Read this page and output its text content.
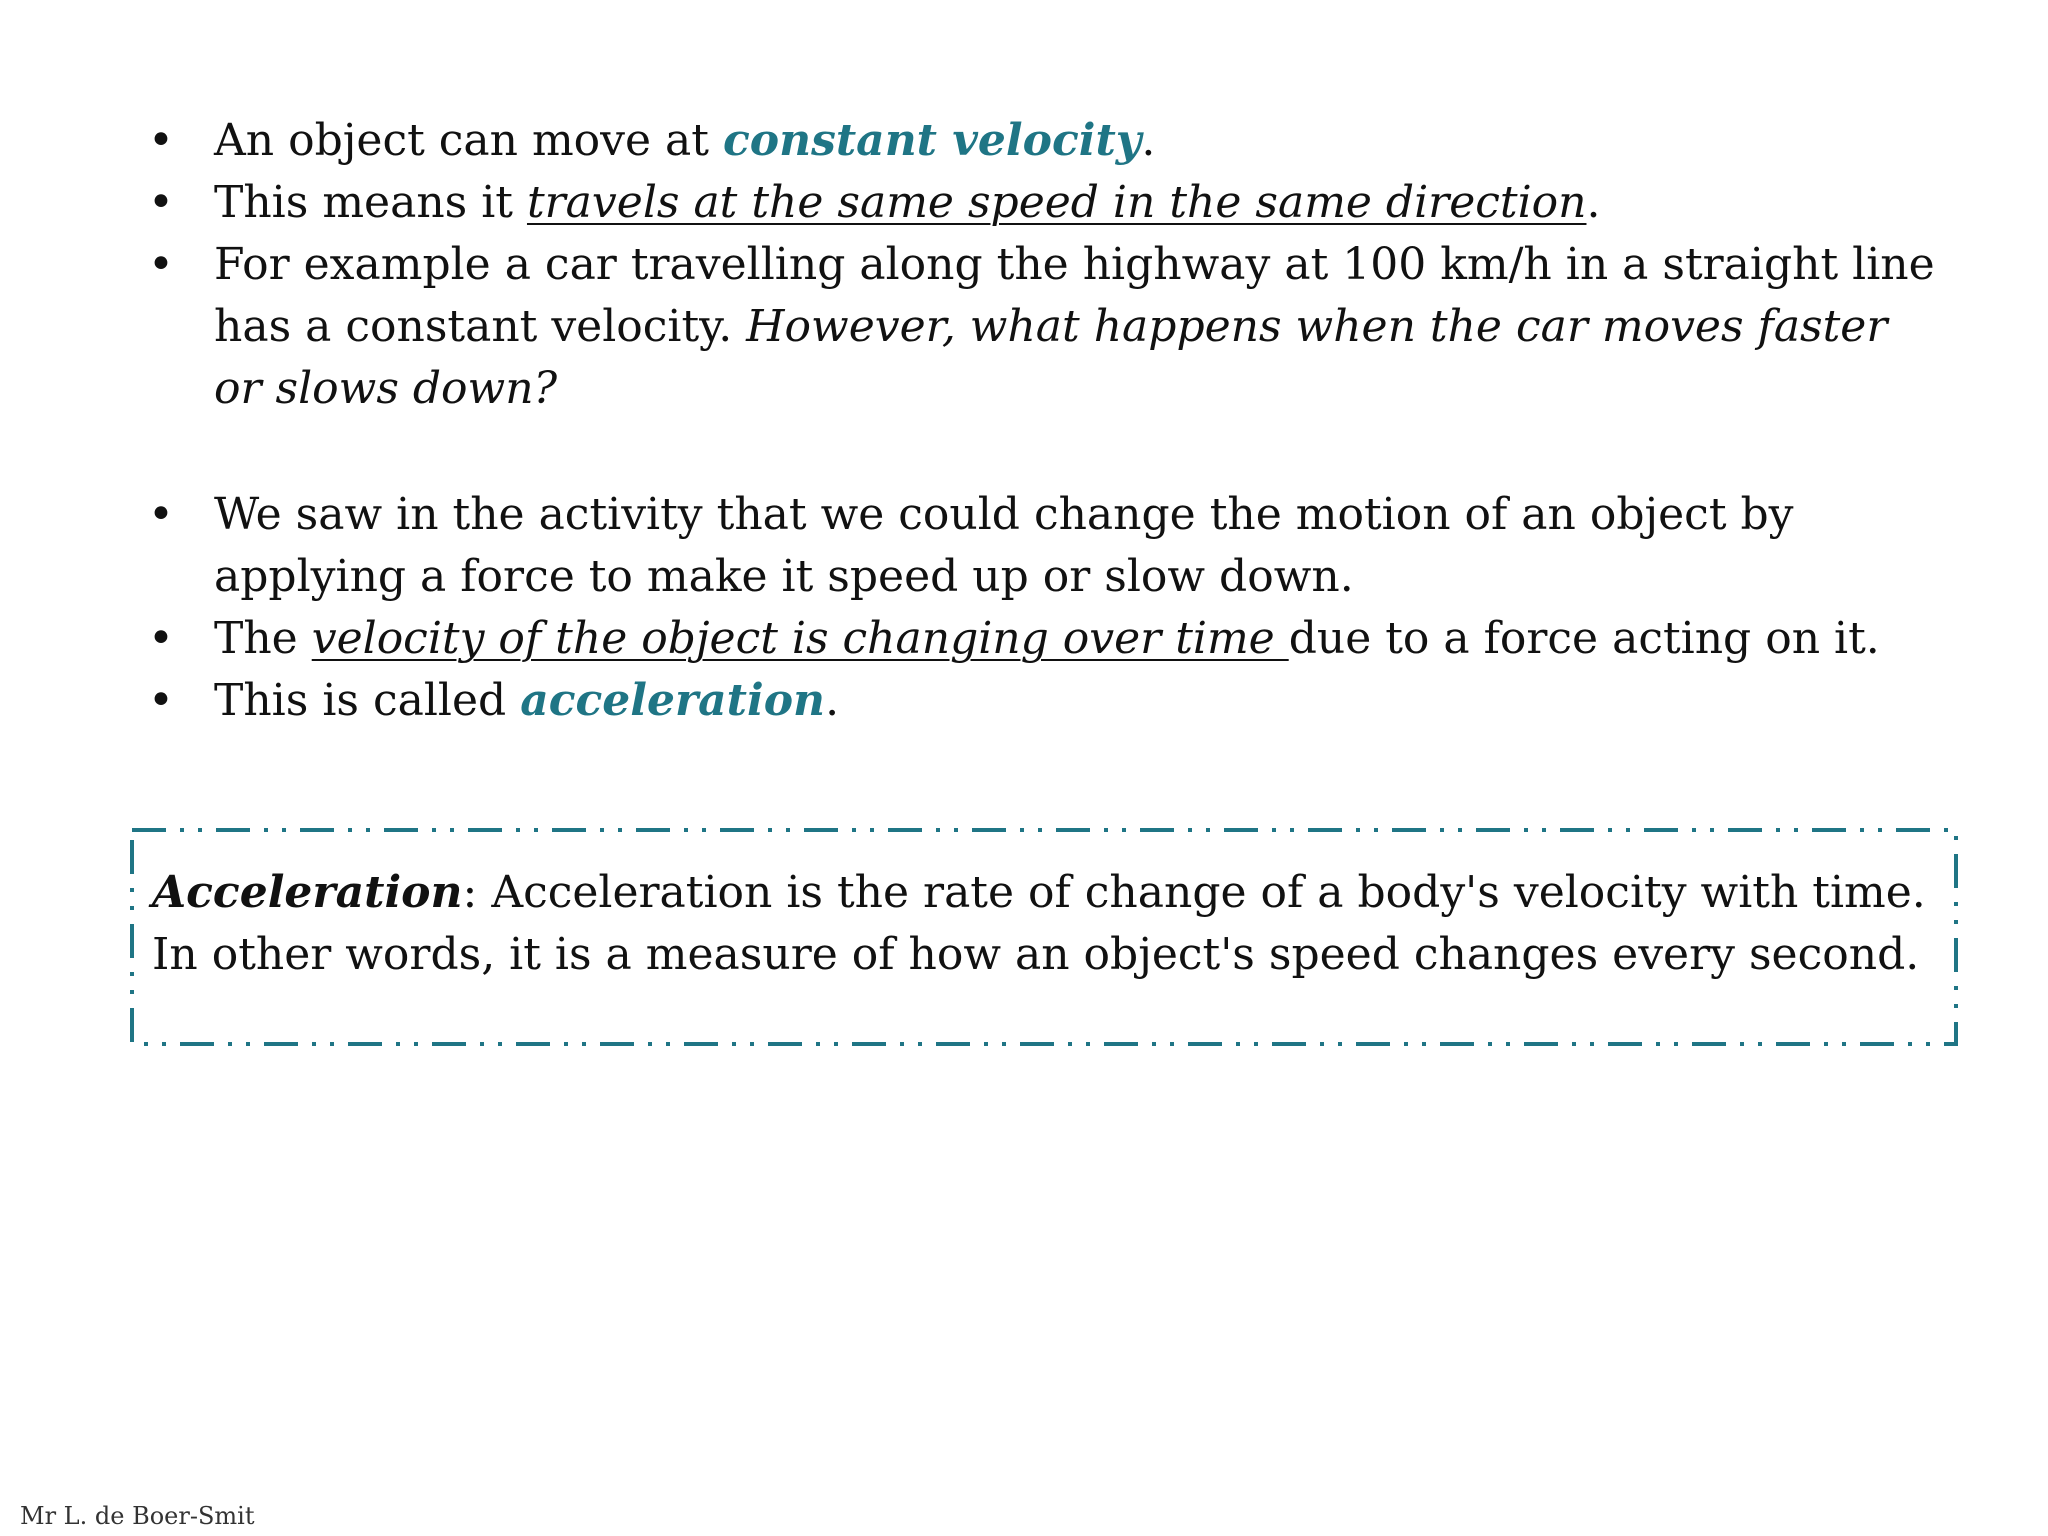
• An object can move at constant velocity.
• This means it travels at the same speed in the same direction.
• For example a car travelling along the highway at 100 km/h in a straight line has a constant velocity. However, what happens when the car moves faster or slows down?
• We saw in the activity that we could change the motion of an object by applying a force to make it speed up or slow down.
• The velocity of the object is changing over time due to a force acting on it.
• This is called acceleration.

Acceleration: Acceleration is the rate of change of a body's velocity with time. In other words, it is a measure of how an object's speed changes every second.

Mr L. de Boer-Smit
